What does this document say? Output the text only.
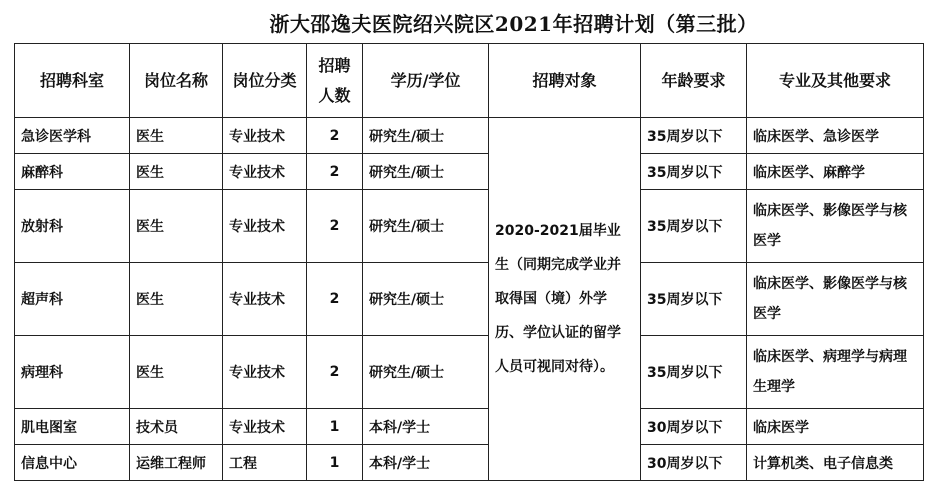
浙大邵逸夫医院绍兴院区2021年招聘计划（第三批）
招聘科室	岗位名称	岗位分类	招聘人数	学历/学位	招聘对象	年龄要求	专业及其他要求
急诊医学科	医生	专业技术	2	研究生/硕士	2020-2021届毕业生（同期完成学业并取得国（境）外学历、学位认证的留学人员可视同对待）。	35周岁以下	临床医学、急诊医学
麻醉科	医生	专业技术	2	研究生/硕士		35周岁以下	临床医学、麻醉学
放射科	医生	专业技术	2	研究生/硕士		35周岁以下	临床医学、影像医学与核医学
超声科	医生	专业技术	2	研究生/硕士		35周岁以下	临床医学、影像医学与核医学
病理科	医生	专业技术	2	研究生/硕士		35周岁以下	临床医学、病理学与病理生理学
肌电图室	技术员	专业技术	1	本科/学士		30周岁以下	临床医学
信息中心	运维工程师	工程	1	本科/学士		30周岁以下	计算机类、电子信息类
